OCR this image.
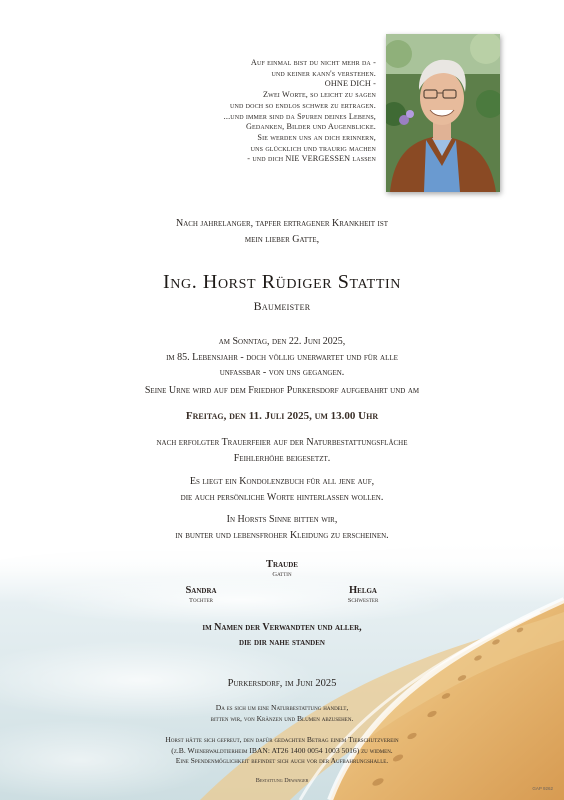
Auf einmal bist du nicht mehr da -
und keiner kann's verstehen.
OHNE DICH -
Zwei Worte, so leicht zu sagen
und doch so endlos schwer zu ertragen.
...und immer sind da Spuren deines Lebens,
Gedanken, Bilder und Augenblicke.
Sie werden uns an dich erinnern,
uns glücklich und traurig machen
- und dich NIE VERGESSEN lassen
Nach jahrelanger, tapfer ertragener Krankheit ist
mein lieber Gatte,
Ing. Horst Rüdiger Stattin
Baumeister
am Sonntag, den 22. Juni 2025,
im 85. Lebensjahr - doch völlig unerwartet und für alle
unfassbar - von uns gegangen.
Seine Urne wird auf dem Friedhof Purkersdorf aufgebahrt und am
Freitag, den 11. Juli 2025, um 13.00 Uhr
nach erfolgter Trauerfeier auf der Naturbestattungsfläche
Feihlerhöhe beigesetzt.
Es liegt ein Kondolenzbuch für all jene auf,
die auch persönliche Worte hinterlassen wollen.
In Horsts Sinne bitten wir,
in bunter und lebensfroher Kleidung zu erscheinen.
Traude
Gattin
Sandra
Tochter
Helga
Schwester
im Namen der Verwandten und aller,
die dir nahe standen
Purkersdorf, im Juni 2025
Da es sich um eine Naturbestattung handelt,
bitten wir, von Kränzen und Blumen abzusehen.
Horst hätte sich gefreut, den dafür gedachten Betrag einem Tierschutzverein
(z.B. Wienerwaldtierheim IBAN: AT26 1400 0054 1003 5016) zu widmen.
Eine Spendenmöglichkeit befindet sich auch vor der Aufbahrungshalle.
Bestattung Dewanger
GAP 9262
